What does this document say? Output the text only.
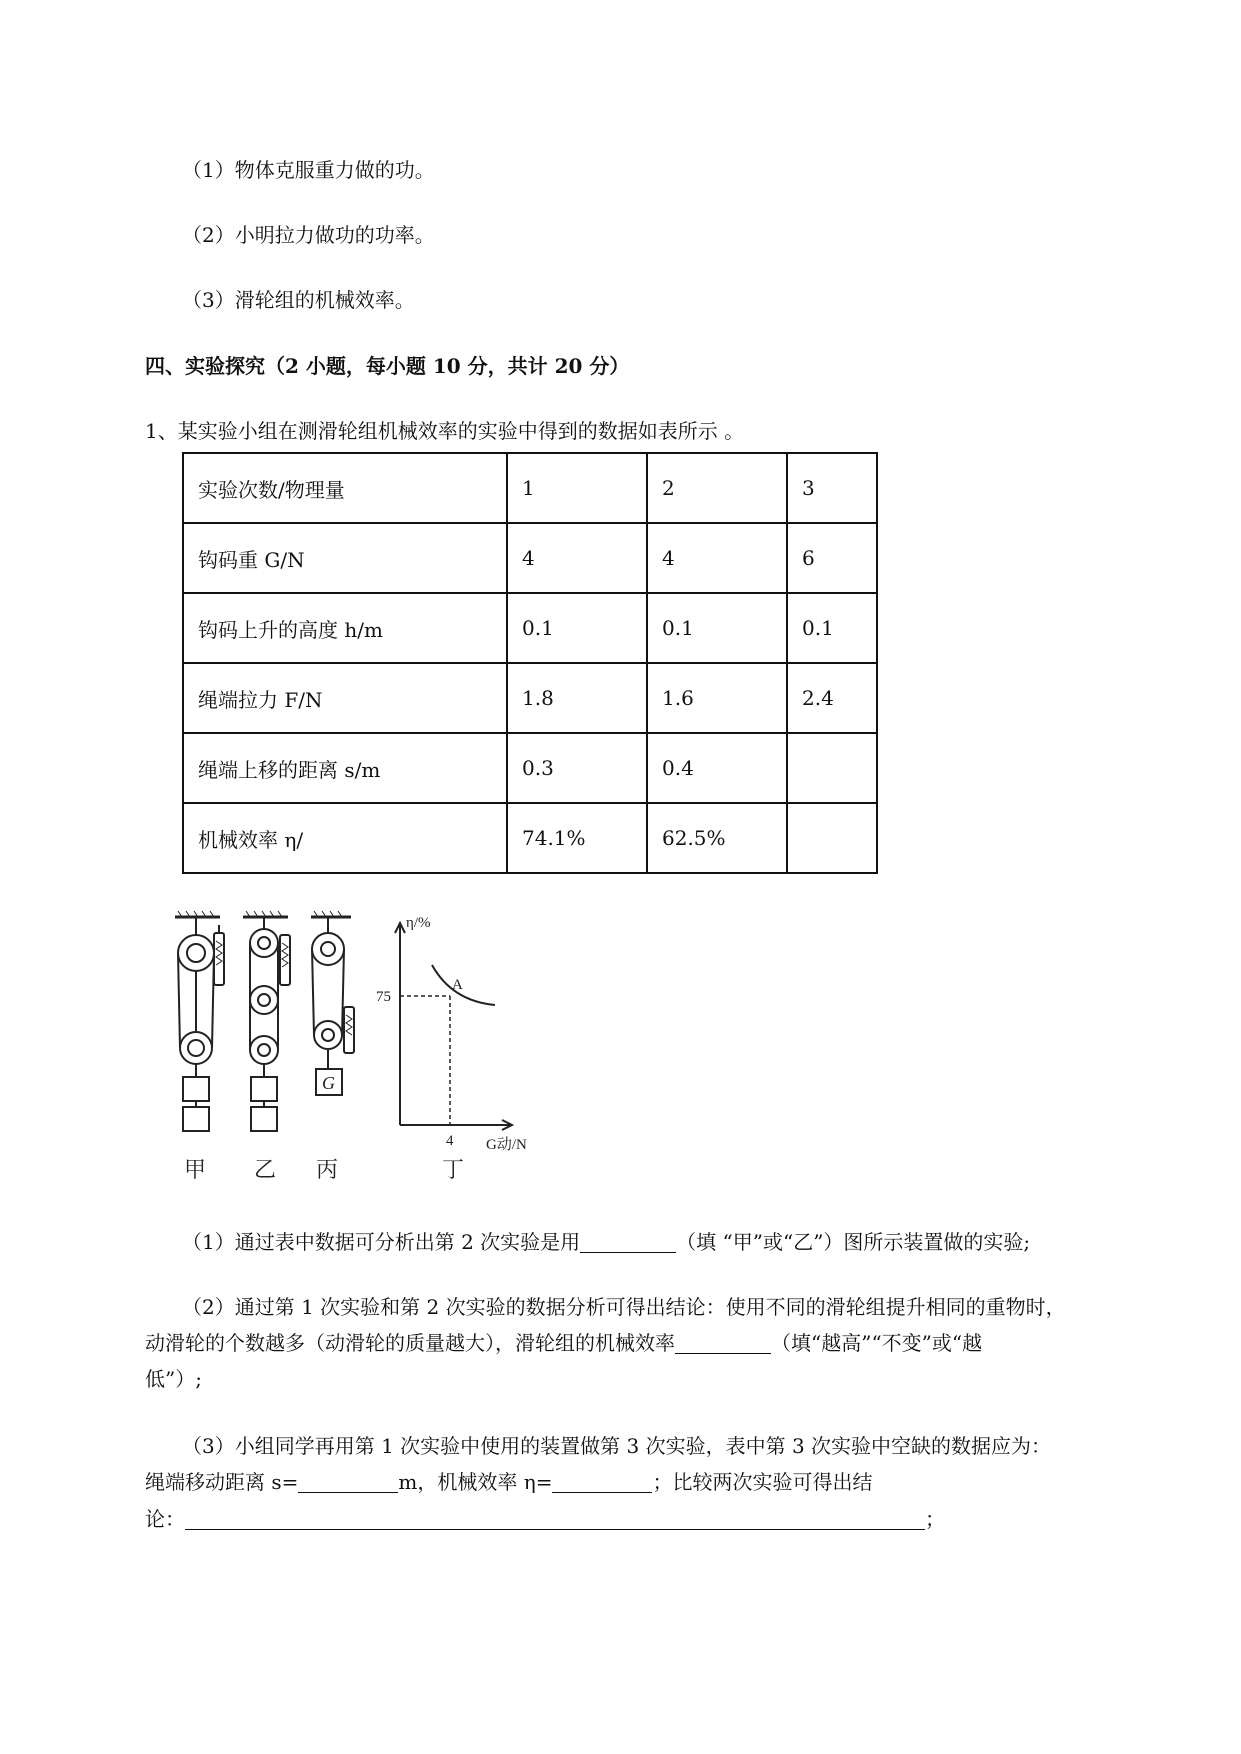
（1）物体克服重力做的功。
（2）小明拉力做功的功率。
（3）滑轮组的机械效率。
四、实验探究（2 小题，每小题 10 分，共计 20 分）
1、某实验小组在测滑轮组机械效率的实验中得到的数据如表所示 。
实验次数/物理量	1	2	3
钩码重 G/N	4	4	6
钩码上升的高度 h/m	0.1	0.1	0.1
绳端拉力 F/N	1.8	1.6	2.4
绳端上移的距离 s/m	0.3	0.4	
机械效率 η/	74.1%	62.5%	
G
η/%
75
A
4 G动/N
甲 乙 丙	丁
（1）通过表中数据可分析出第 2 次实验是用	（填 “甲”或“乙”）图所示装置做的实验;
（2）通过第 1 次实验和第 2 次实验的数据分析可得出结论：使用不同的滑轮组提升相同的重物时，
动滑轮的个数越多（动滑轮的质量越大），滑轮组的机械效率	（填“越高”“不变”或“越
低”）;
（3）小组同学再用第 1 次实验中使用的装置做第 3 次实验，表中第 3 次实验中空缺的数据应为：
绳端移动距离 s=	m，机械效率 η=	；比较两次实验可得出结
论：	；
